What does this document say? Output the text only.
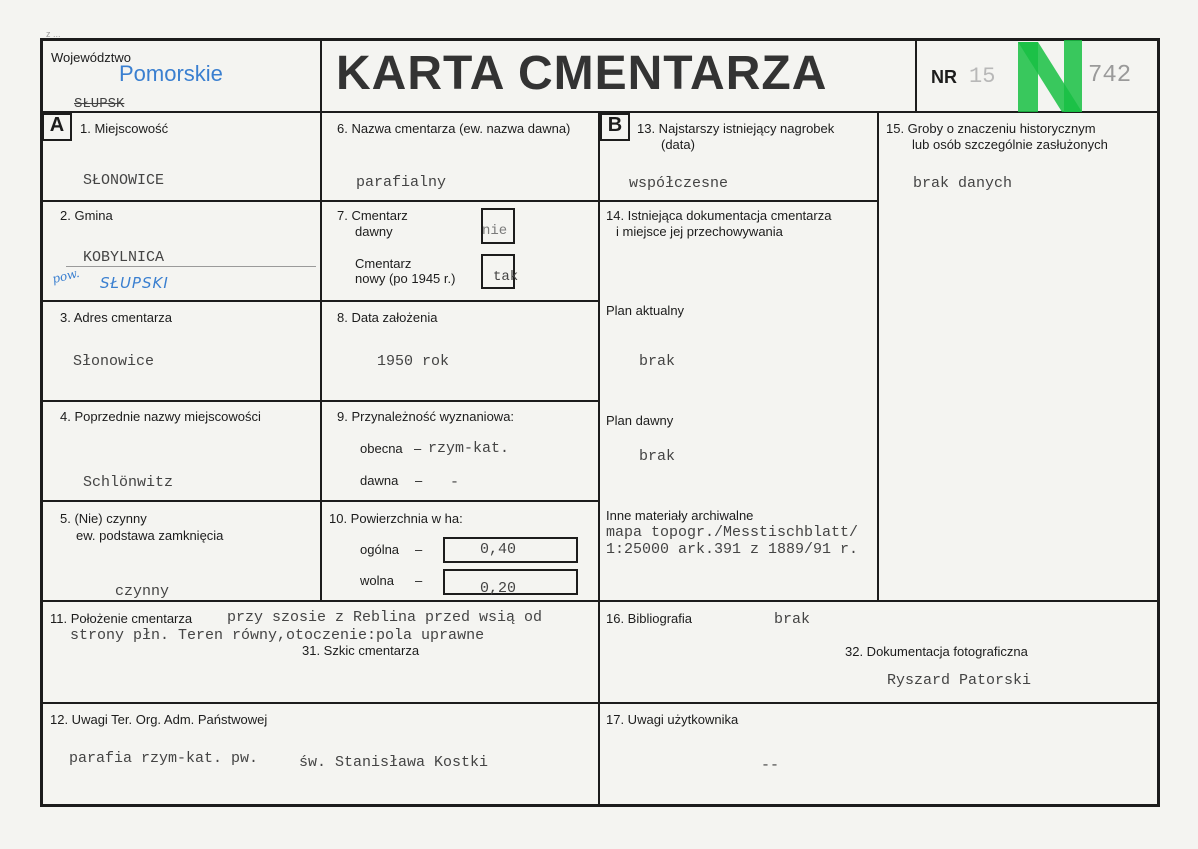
z ...
Województwo
Pomorskie
SŁUPSK
KARTA CMENTARZA	NR 15	742
A	B
1. Miejscowość
SŁONOWICE
2. Gmina
KOBYLNICA
pow. SŁUPSKI
3. Adres cmentarza
Słonowice
4. Poprzednie nazwy miejscowości
Schlönwitz
5. (Nie) czynny
ew. podstawa zamknięcia
czynny
6. Nazwa cmentarza (ew. nazwa dawna)
parafialny
7. Cmentarz
dawny	nie
Cmentarz
nowy (po 1945 r.)	tak
8. Data założenia
1950 rok
9. Przynależność wyznaniowa:
obecna – rzym-kat.
dawna – -
10. Powierzchnia w ha:
ogólna –	0,40
wolna –	0,20
13. Najstarszy istniejący nagrobek
(data)
współczesne
14. Istniejąca dokumentacja cmentarza
i miejsce jej przechowywania
Plan aktualny
brak
Plan dawny
brak
Inne materiały archiwalne
mapa topogr./Messtischblatt/
1:25000 ark.391 z 1889/91 r.
15. Groby o znaczeniu historycznym
lub osób szczególnie zasłużonych
brak danych
11. Położenie cmentarza przy szosie z Reblina przed wsią od
strony płn. Teren równy,otoczenie:pola uprawne
31. Szkic cmentarza
16. Bibliografia	brak
32. Dokumentacja fotograficzna
Ryszard Patorski
12. Uwagi Ter. Org. Adm. Państwowej
parafia rzym-kat. pw.	św. Stanisława Kostki
17. Uwagi użytkownika
--
